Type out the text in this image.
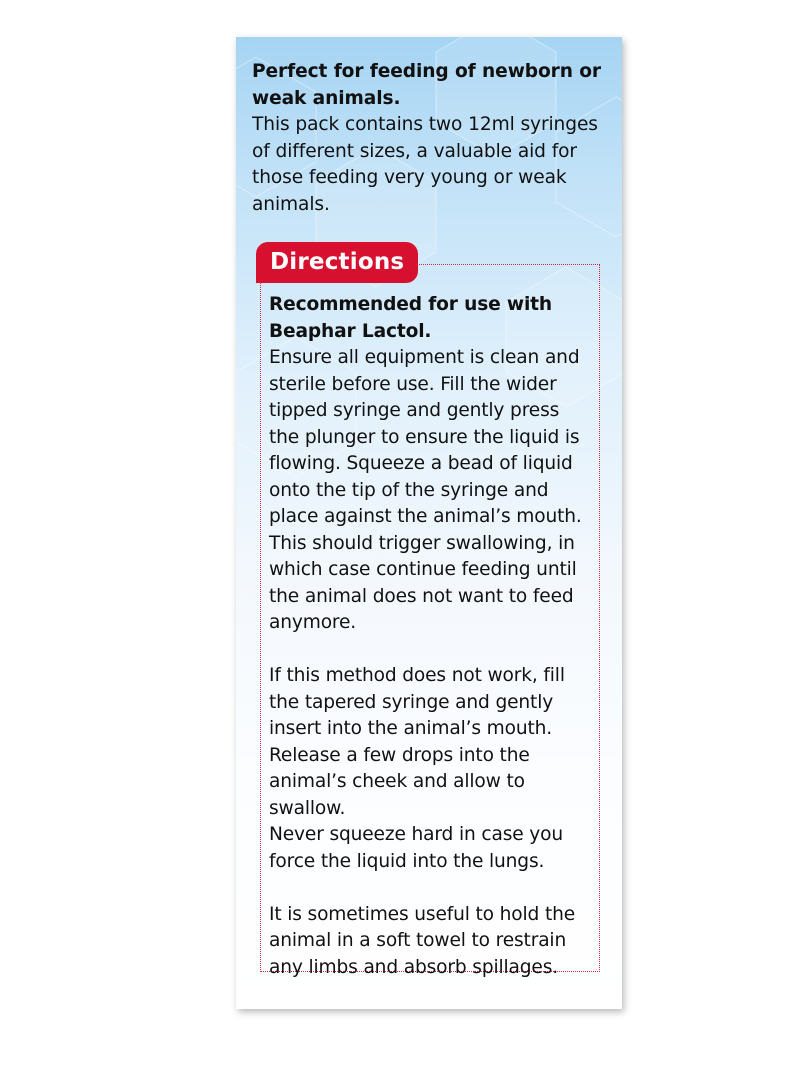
Perfect for feeding of newborn or
weak animals.
This pack contains two 12ml syringes
of different sizes, a valuable aid for
those feeding very young or weak
animals.
Directions
Recommended for use with
Beaphar Lactol.
Ensure all equipment is clean and
sterile before use. Fill the wider
tipped syringe and gently press
the plunger to ensure the liquid is
flowing. Squeeze a bead of liquid
onto the tip of the syringe and
place against the animal’s mouth.
This should trigger swallowing, in
which case continue feeding until
the animal does not want to feed
anymore.
If this method does not work, fill
the tapered syringe and gently
insert into the animal’s mouth.
Release a few drops into the
animal’s cheek and allow to swallow.
Never squeeze hard in case you
force the liquid into the lungs.
It is sometimes useful to hold the
animal in a soft towel to restrain
any limbs and absorb spillages.
